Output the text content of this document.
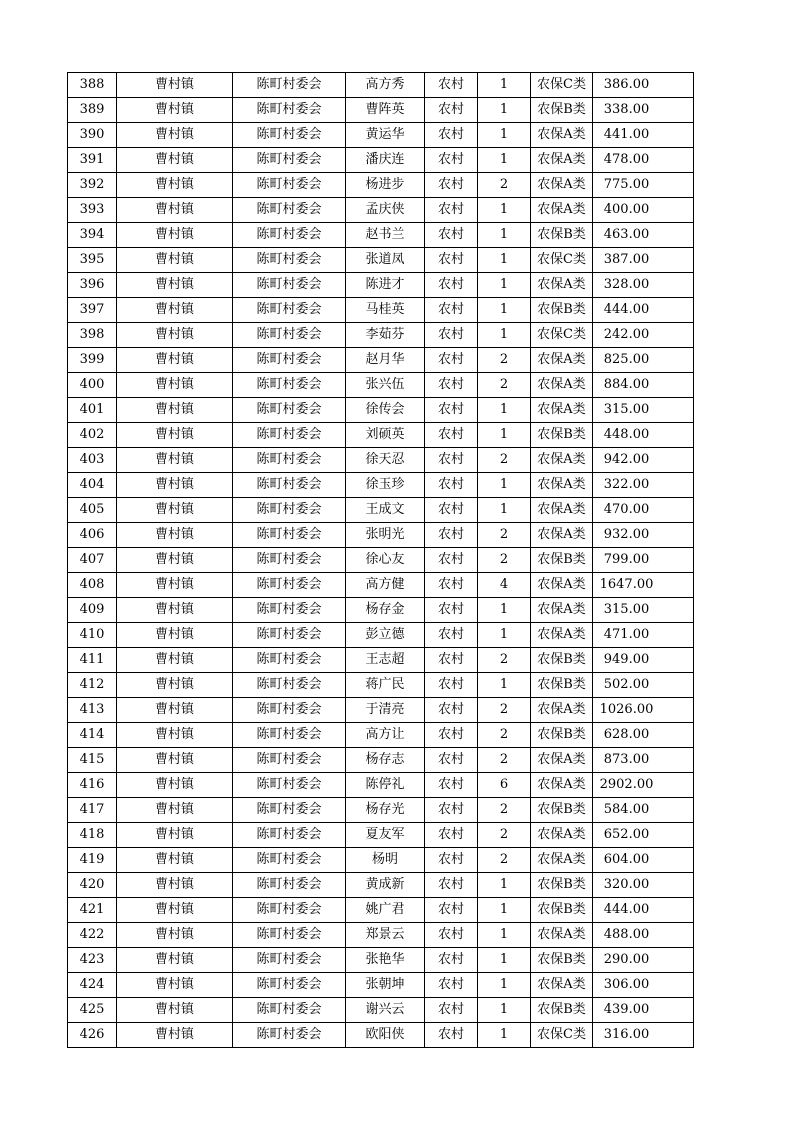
388	曹村镇	陈町村委会	高方秀	农村	1	农保C类	386.00
389	曹村镇	陈町村委会	曹阵英	农村	1	农保B类	338.00
390	曹村镇	陈町村委会	黄运华	农村	1	农保A类	441.00
391	曹村镇	陈町村委会	潘庆连	农村	1	农保A类	478.00
392	曹村镇	陈町村委会	杨进步	农村	2	农保A类	775.00
393	曹村镇	陈町村委会	孟庆侠	农村	1	农保A类	400.00
394	曹村镇	陈町村委会	赵书兰	农村	1	农保B类	463.00
395	曹村镇	陈町村委会	张道凤	农村	1	农保C类	387.00
396	曹村镇	陈町村委会	陈进才	农村	1	农保A类	328.00
397	曹村镇	陈町村委会	马桂英	农村	1	农保B类	444.00
398	曹村镇	陈町村委会	李茹芬	农村	1	农保C类	242.00
399	曹村镇	陈町村委会	赵月华	农村	2	农保A类	825.00
400	曹村镇	陈町村委会	张兴伍	农村	2	农保A类	884.00
401	曹村镇	陈町村委会	徐传会	农村	1	农保A类	315.00
402	曹村镇	陈町村委会	刘硕英	农村	1	农保B类	448.00
403	曹村镇	陈町村委会	徐天忍	农村	2	农保A类	942.00
404	曹村镇	陈町村委会	徐玉珍	农村	1	农保A类	322.00
405	曹村镇	陈町村委会	王成文	农村	1	农保A类	470.00
406	曹村镇	陈町村委会	张明光	农村	2	农保A类	932.00
407	曹村镇	陈町村委会	徐心友	农村	2	农保B类	799.00
408	曹村镇	陈町村委会	高方健	农村	4	农保A类	1647.00
409	曹村镇	陈町村委会	杨存金	农村	1	农保A类	315.00
410	曹村镇	陈町村委会	彭立德	农村	1	农保A类	471.00
411	曹村镇	陈町村委会	王志超	农村	2	农保B类	949.00
412	曹村镇	陈町村委会	蒋广民	农村	1	农保B类	502.00
413	曹村镇	陈町村委会	于清亮	农村	2	农保A类	1026.00
414	曹村镇	陈町村委会	高方让	农村	2	农保B类	628.00
415	曹村镇	陈町村委会	杨存志	农村	2	农保A类	873.00
416	曹村镇	陈町村委会	陈停礼	农村	6	农保A类	2902.00
417	曹村镇	陈町村委会	杨存光	农村	2	农保B类	584.00
418	曹村镇	陈町村委会	夏友军	农村	2	农保A类	652.00
419	曹村镇	陈町村委会	杨明	农村	2	农保A类	604.00
420	曹村镇	陈町村委会	黄成新	农村	1	农保B类	320.00
421	曹村镇	陈町村委会	姚广君	农村	1	农保B类	444.00
422	曹村镇	陈町村委会	郑景云	农村	1	农保A类	488.00
423	曹村镇	陈町村委会	张艳华	农村	1	农保B类	290.00
424	曹村镇	陈町村委会	张朝坤	农村	1	农保A类	306.00
425	曹村镇	陈町村委会	谢兴云	农村	1	农保B类	439.00
426	曹村镇	陈町村委会	欧阳侠	农村	1	农保C类	316.00
